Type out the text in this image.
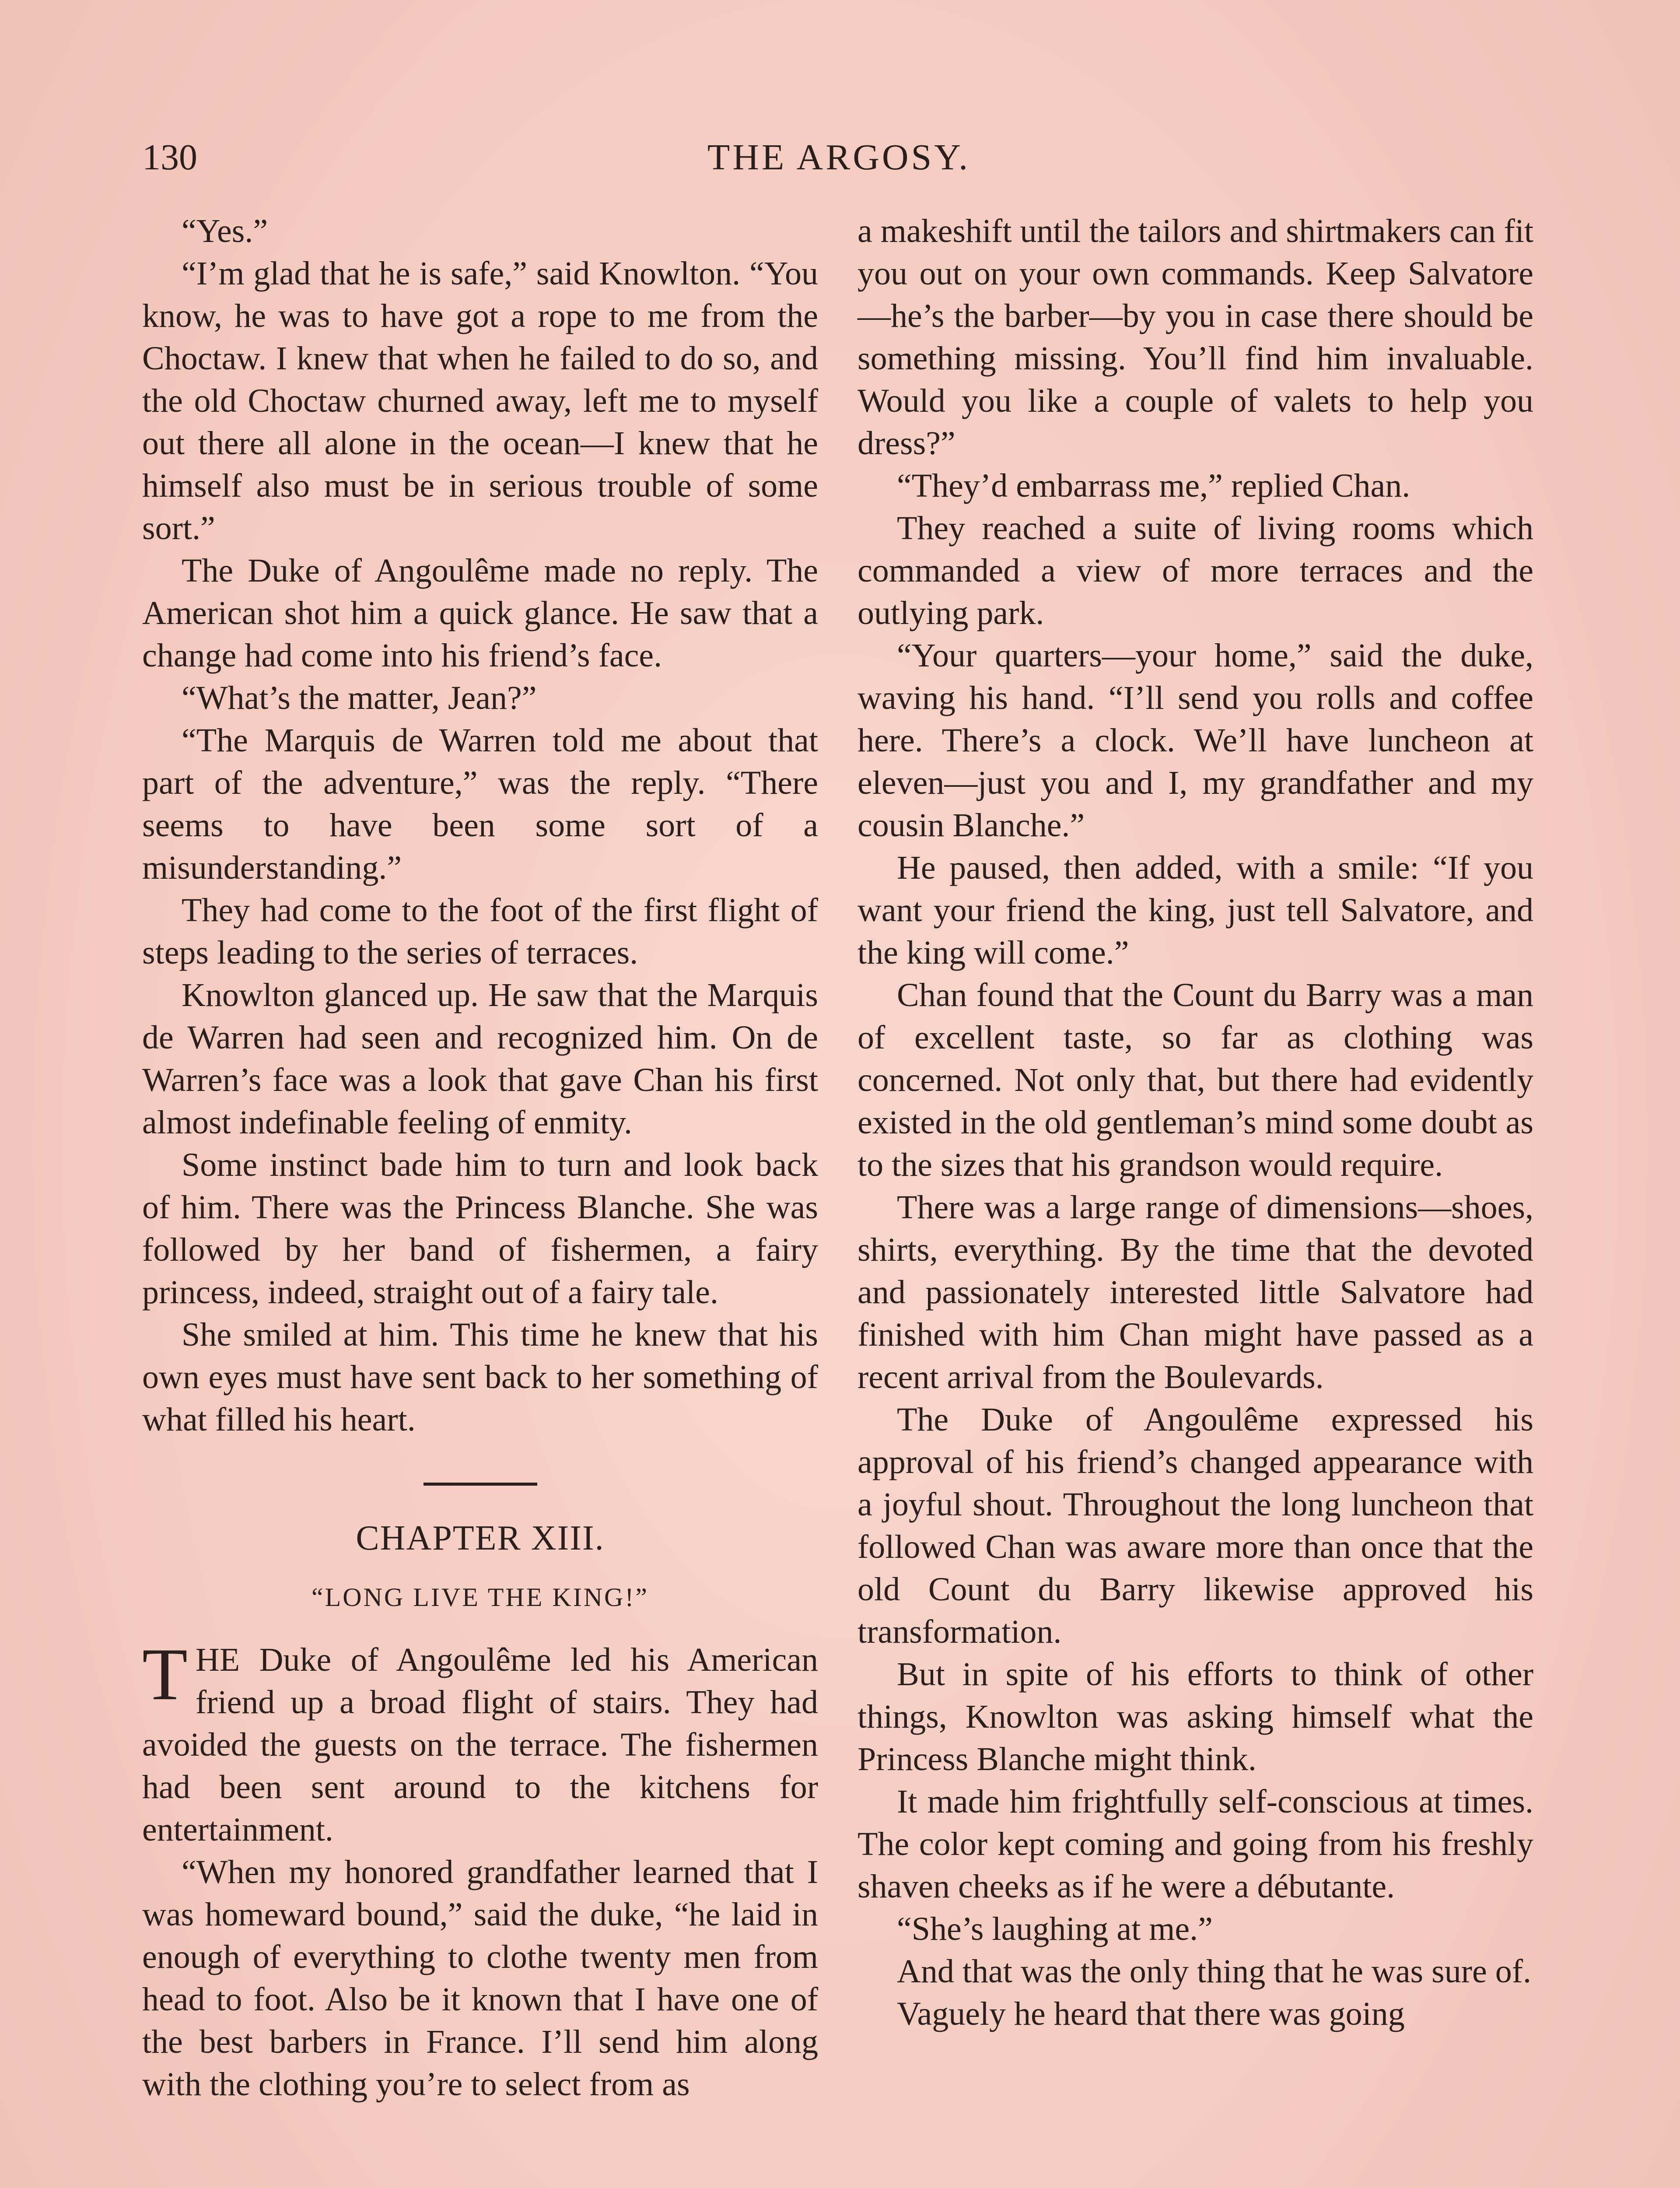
130	THE ARGOSY.

“Yes.”

“I’m glad that he is safe,” said Knowlton. “You know, he was to have got a rope to me from the Choctaw. I knew that when he failed to do so, and the old Choctaw churned away, left me to myself out there all alone in the ocean—I knew that he himself also must be in serious trouble of some sort.”

The Duke of Angoulême made no reply. The American shot him a quick glance. He saw that a change had come into his friend’s face.

“What’s the matter, Jean?”

“The Marquis de Warren told me about that part of the adventure,” was the reply. “There seems to have been some sort of a misunderstanding.”

They had come to the foot of the first flight of steps leading to the series of terraces.

Knowlton glanced up. He saw that the Marquis de Warren had seen and recognized him. On de Warren’s face was a look that gave Chan his first almost indefinable feeling of enmity.

Some instinct bade him to turn and look back of him. There was the Princess Blanche. She was followed by her band of fishermen, a fairy princess, indeed, straight out of a fairy tale.

She smiled at him. This time he knew that his own eyes must have sent back to her something of what filled his heart.

CHAPTER XIII.
“LONG LIVE THE KING!”

THE Duke of Angoulême led his American friend up a broad flight of stairs. They had avoided the guests on the terrace. The fishermen had been sent around to the kitchens for entertainment.

“When my honored grandfather learned that I was homeward bound,” said the duke, “he laid in enough of everything to clothe twenty men from head to foot. Also be it known that I have one of the best barbers in France. I’ll send him along with the clothing you’re to select from as

a makeshift until the tailors and shirtmakers can fit you out on your own commands. Keep Salvatore—he’s the barber—by you in case there should be something missing. You’ll find him invaluable. Would you like a couple of valets to help you dress?”

“They’d embarrass me,” replied Chan.

They reached a suite of living rooms which commanded a view of more terraces and the outlying park.

“Your quarters—your home,” said the duke, waving his hand. “I’ll send you rolls and coffee here. There’s a clock. We’ll have luncheon at eleven—just you and I, my grandfather and my cousin Blanche.”

He paused, then added, with a smile: “If you want your friend the king, just tell Salvatore, and the king will come.”

Chan found that the Count du Barry was a man of excellent taste, so far as clothing was concerned. Not only that, but there had evidently existed in the old gentleman’s mind some doubt as to the sizes that his grandson would require.

There was a large range of dimensions—shoes, shirts, everything. By the time that the devoted and passionately interested little Salvatore had finished with him Chan might have passed as a recent arrival from the Boulevards.

The Duke of Angoulême expressed his approval of his friend’s changed appearance with a joyful shout. Throughout the long luncheon that followed Chan was aware more than once that the old Count du Barry likewise approved his transformation.

But in spite of his efforts to think of other things, Knowlton was asking himself what the Princess Blanche might think.

It made him frightfully self-conscious at times. The color kept coming and going from his freshly shaven cheeks as if he were a débutante.

“She’s laughing at me.”

And that was the only thing that he was sure of.

Vaguely he heard that there was going
